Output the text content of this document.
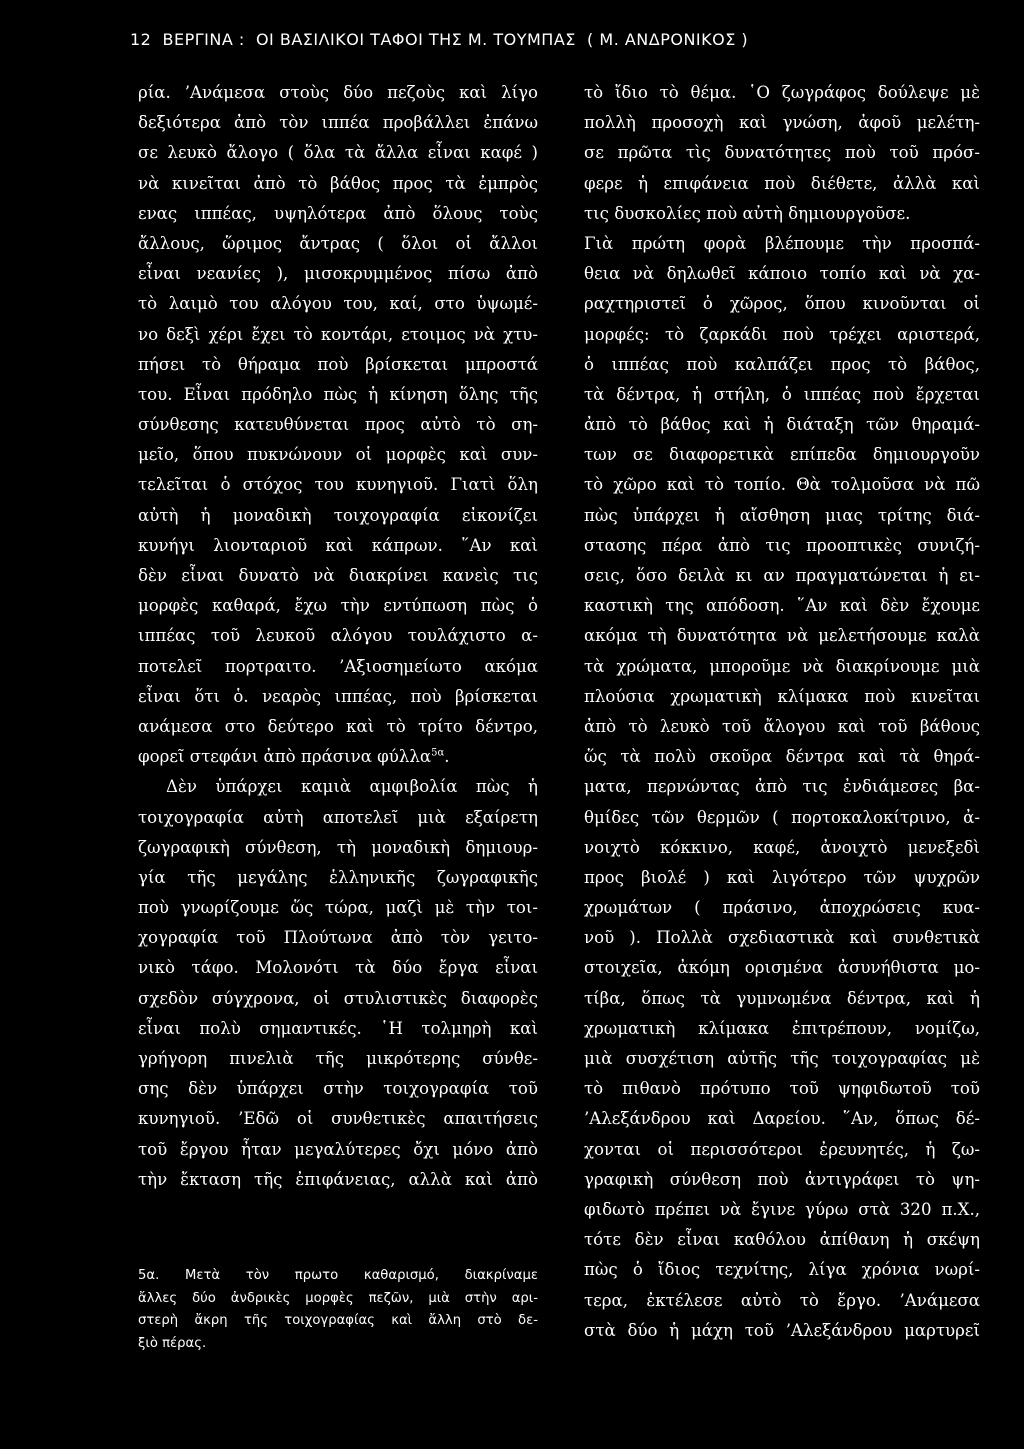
12 ΒΕΡΓΙΝΑ :  ΟΙ ΒΑΣΙΛΙΚΟΙ ΤΑΦΟΙ ΤΗΣ Μ. ΤΟΥΜΠΑΣ  ( Μ. ΑΝΔΡΟΝΙΚΟΣ )
ρία. ’Ανάμεσα στοὺς δύο πεζοὺς καὶ λίγο
δεξιότερα ἀπὸ τὸν ιππέα προβάλλει ἐπάνω
σε λευκὸ ἄλογο ( ὅλα τὰ ἄλλα εἶναι καφέ )
νὰ κινεῖται ἀπὸ τὸ βάθος προς τὰ ἐμπρὸς
ενας ιππέας, υψηλότερα ἀπὸ ὅλους τοὺς
ἄλλους, ὥριμος ἄντρας ( ὅλοι οἱ ἄλλοι
εἶναι νεανίες ), μισοκρυμμένος πίσω ἀπὸ
τὸ λαιμὸ του αλόγου του, καί, στο ὑψωμέ-
νο δεξὶ χέρι ἔχει τὸ κοντάρι, ετοιμος νὰ χτυ-
πήσει τὸ θήραμα ποὺ βρίσκεται μπροστά
του. Εἶναι πρόδηλο πὼς ἡ κίνηση ὅλης τῆς
σύνθεσης κατευθύνεται προς αὐτὸ τὸ ση-
μεῖο, ὅπου πυκνώνουν οἱ μορφὲς καὶ συν-
τελεῖται ὁ στόχος του κυνηγιοῦ. Γιατὶ ὅλη
αὐτὴ ἡ μοναδικὴ τοιχογραφία εἰκονίζει
κυνήγι λιονταριοῦ καὶ κάπρων. ῞Αν καὶ
δὲν εἶναι δυνατὸ νὰ διακρίνει κανεὶς τις
μορφὲς καθαρά, ἔχω τὴν εντύπωση πὼς ὁ
ιππέας τοῦ λευκοῦ αλόγου τουλάχιστο α-
ποτελεῖ πορτραιτο. ’Αξιοσημείωτο ακόμα
εἶναι ὅτι ὁ. νεαρὸς ιππέας, ποὺ βρίσκεται
ανάμεσα στο δεύτερο καὶ τὸ τρίτο δέντρο,
φορεῖ στεφάνι ἀπὸ πράσινα φύλλα$^{5\alpha}$.
Δὲν ὑπάρχει καμιὰ αμφιβολία πὼς ἡ
τοιχογραφία αὐτὴ αποτελεῖ μιὰ εξαίρετη
ζωγραφικὴ σύνθεση, τὴ μοναδικὴ δημιουρ-
γία τῆς μεγάλης ἑλληνικῆς ζωγραφικῆς
ποὺ γνωρίζουμε ὥς τώρα, μαζὶ μὲ τὴν τοι-
χογραφία τοῦ Πλούτωνα ἀπὸ τὸν γειτο-
νικὸ τάφο. Μολονότι τὰ δύο ἔργα εἶναι
σχεδὸν σύγχρονα, οἱ στυλιστικὲς διαφορὲς
εἶναι πολὺ σημαντικές. ῾Η τολμηρὴ καὶ
γρήγορη πινελιὰ τῆς μικρότερης σύνθε-
σης δὲν ὑπάρχει στὴν τοιχογραφία τοῦ
κυνηγιοῦ. ’Εδῶ οἱ συνθετικὲς απαιτήσεις
τοῦ ἔργου ἦταν μεγαλύτερες ὄχι μόνο ἀπὸ
τὴν ἔκταση τῆς ἐπιφάνειας, αλλὰ καὶ ἀπὸ
5α. Μετὰ τὸν πρωτο καθαρισμό, διακρίναμε
ἄλλες δύο ἀνδρικὲς μορφὲς πεζῶν, μιὰ στὴν αρι-
στερὴ ἄκρη τῆς τοιχογραφίας καὶ ἄλλη στὸ δε-
ξιὸ πέρας.
τὸ ἴδιο τὸ θέμα. ῾Ο ζωγράφος δούλεψε μὲ
πολλὴ προσοχὴ καὶ γνώση, ἀφοῦ μελέτη-
σε πρῶτα τὶς δυνατότητες ποὺ τοῦ πρόσ-
φερε ἡ επιφάνεια ποὺ διέθετε, ἀλλὰ καὶ
τις δυσκολίες ποὺ αὐτὴ δημιουργοῦσε.
Γιὰ πρώτη φορὰ βλέπουμε τὴν προσπά-
θεια νὰ δηλωθεῖ κάποιο τοπίο καὶ νὰ χα-
ραχτηριστεῖ ὁ χῶρος, ὅπου κινοῦνται οἱ
μορφές: τὸ ζαρκάδι ποὺ τρέχει αριστερά,
ὁ ιππέας ποὺ καλπάζει προς τὸ βάθος,
τὰ δέντρα, ἡ στήλη, ὁ ιππέας ποὺ ἔρχεται
ἀπὸ τὸ βάθος καὶ ἡ διάταξη τῶν θηραμά-
των σε διαφορετικὰ επίπεδα δημιουργοῦν
τὸ χῶρο καὶ τὸ τοπίο. Θὰ τολμοῦσα νὰ πῶ
πὼς ὑπάρχει ἡ αἴσθηση μιας τρίτης διά-
στασης πέρα ἀπὸ τις προοπτικὲς συνιζή-
σεις, ὅσο δειλὰ κι αν πραγματώνεται ἡ ει-
καστικὴ της απόδοση. ῞Αν καὶ δὲν ἔχουμε
ακόμα τὴ δυνατότητα νὰ μελετήσουμε καλὰ
τὰ χρώματα, μποροῦμε νὰ διακρίνουμε μιὰ
πλούσια χρωματικὴ κλίμακα ποὺ κινεῖται
ἀπὸ τὸ λευκὸ τοῦ ἄλογου καὶ τοῦ βάθους
ὥς τὰ πολὺ σκοῦρα δέντρα καὶ τὰ θηρά-
ματα, περνώντας ἀπὸ τις ἐνδιάμεσες βα-
θμίδες τῶν θερμῶν ( πορτοκαλοκίτρινο, ἀ-
νοιχτὸ κόκκινο, καφέ, ἀνοιχτὸ μενεξεδὶ
προς βιολέ ) καὶ λιγότερο τῶν ψυχρῶν
χρωμάτων ( πράσινο, ἀποχρώσεις κυα-
νοῦ ). Πολλὰ σχεδιαστικὰ καὶ συνθετικὰ
στοιχεῖα, ἀκόμη ορισμένα ἀσυνήθιστα μο-
τίβα, ὅπως τὰ γυμνωμένα δέντρα, καὶ ἡ
χρωματικὴ κλίμακα ἐπιτρέπουν, νομίζω,
μιὰ συσχέτιση αὐτῆς τῆς τοιχογραφίας μὲ
τὸ πιθανὸ πρότυπο τοῦ ψηφιδωτοῦ τοῦ
’Αλεξάνδρου καὶ Δαρείου. ῞Αν, ὅπως δέ-
χονται οἱ περισσότεροι ἐρευνητές, ἡ ζω-
γραφικὴ σύνθεση ποὺ ἀντιγράφει τὸ ψη-
φιδωτὸ πρέπει νὰ ἔγινε γύρω στὰ 320 π.Χ.,
τότε δὲν εἶναι καθόλου ἀπίθανη ἡ σκέψη
πὼς ὁ ἴδιος τεχνίτης, λίγα χρόνια νωρί-
τερα, ἐκτέλεσε αὐτὸ τὸ ἔργο. ’Ανάμεσα
στὰ δύο ἡ μάχη τοῦ ’Αλεξάνδρου μαρτυρεῖ
